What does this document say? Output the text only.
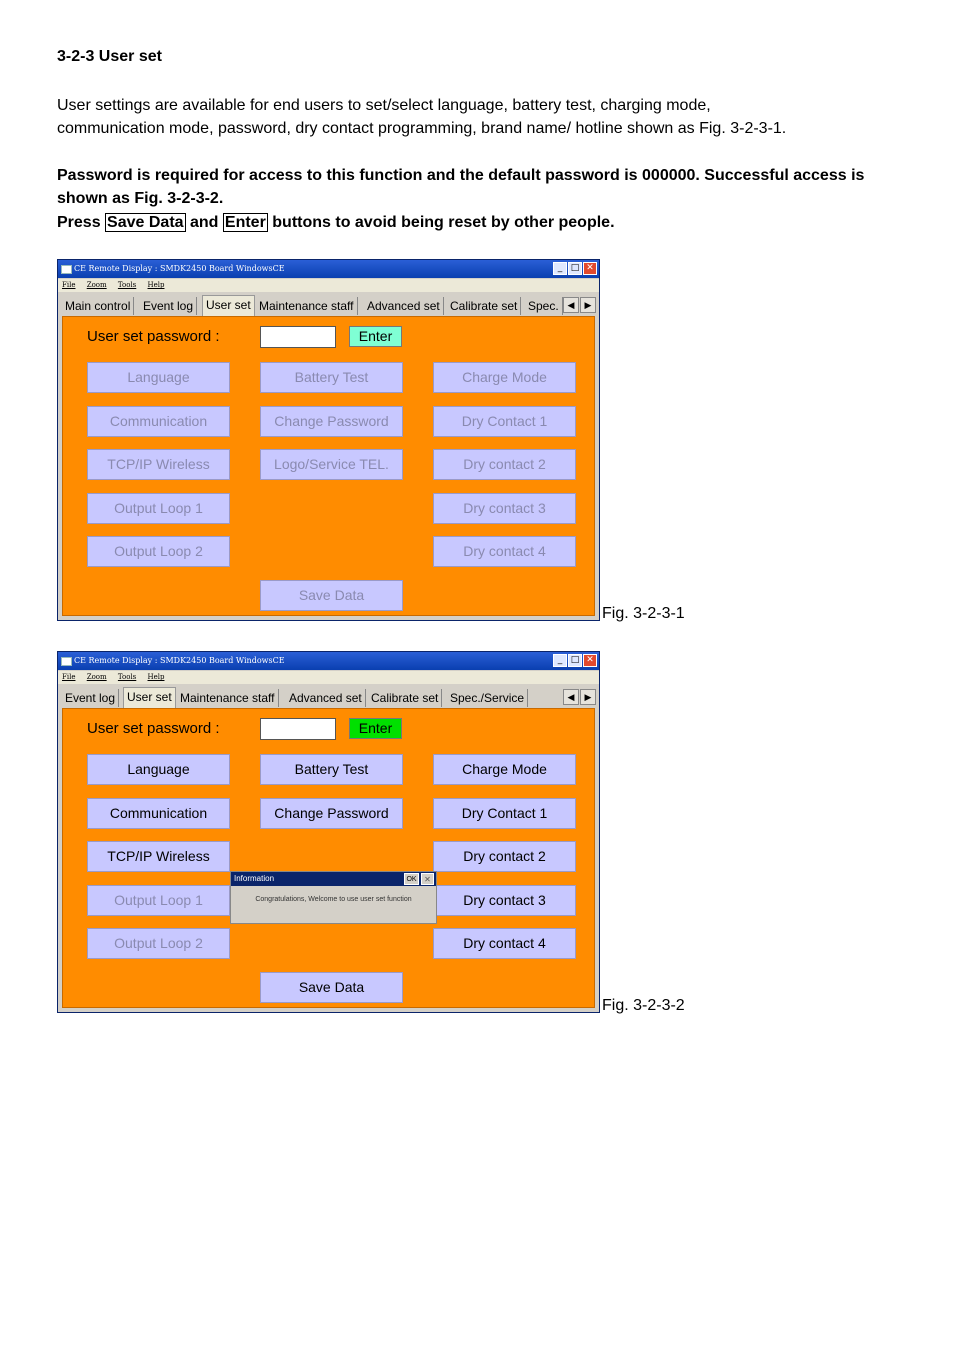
3-2-3 User set
User settings are available for end users to set/select language, battery test, charging mode,
communication mode, password, dry contact programming, brand name/ hotline shown as Fig. 3-2-3-1.
Password is required for access to this function and the default password is 000000. Successful access is
shown as Fig. 3-2-3-2.
Press Save Data and Enter buttons to avoid being reset by other people.
CE Remote Display : SMDK2450 Board WindowsCE	_ □ ✕
File Zoom Tools Help
Main control	Event log	User set Maintenance staff	Advanced set Calibrate set Spec. ◀	▶
User set password :	Enter
Language	Battery Test	Charge Mode
Communication	Change Password	Dry Contact 1
TCP/IP Wireless	Logo/Service TEL.	Dry contact 2
Output Loop 1	Dry contact 3
Output Loop 2	Dry contact 4
Save Data
Fig. 3-2-3-1
CE Remote Display : SMDK2450 Board WindowsCE	_ □ ✕
File Zoom Tools Help
Event log User set Maintenance staff	Advanced set Calibrate set Spec./Service	◀	▶
User set password :	Enter
Language	Battery Test	Charge Mode
Communication	Change Password	Dry Contact 1
TCP/IP Wireless	Dry contact 2
Output Loop 1	Dry contact 3
Output Loop 2	Dry contact 4
Save Data
Information	OK ✕
Congratulations, Welcome to use user set function
Fig. 3-2-3-2
